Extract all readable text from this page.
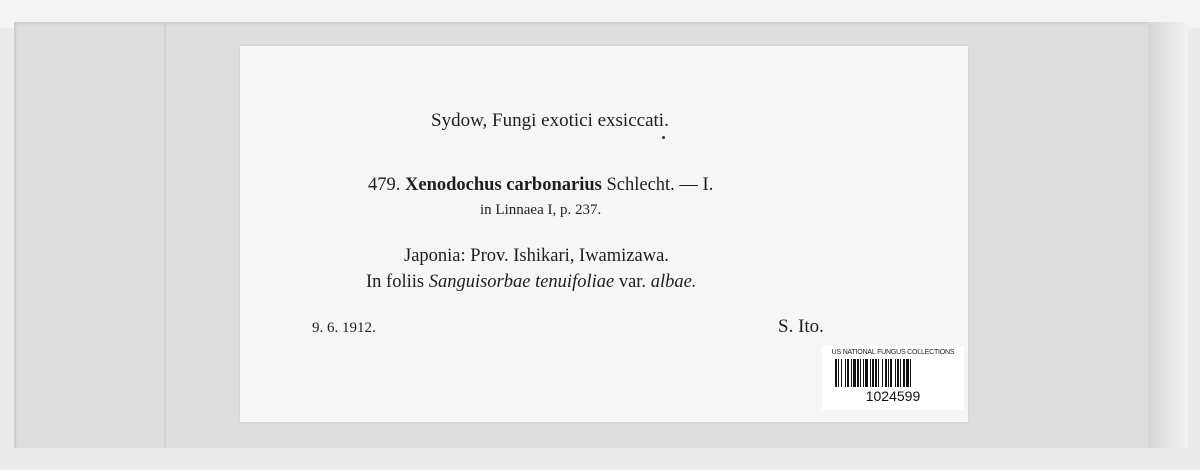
Sydow, Fungi exotici exsiccati.
479. Xenodochus carbonarius Schlecht. — I.
in Linnaea I, p. 237.
Japonia: Prov. Ishikari, Iwamizawa.
In foliis Sanguisorbae tenuifoliae var. albae.
9. 6. 1912.	S. Ito.
US NATIONAL FUNGUS COLLECTIONS
1024599
